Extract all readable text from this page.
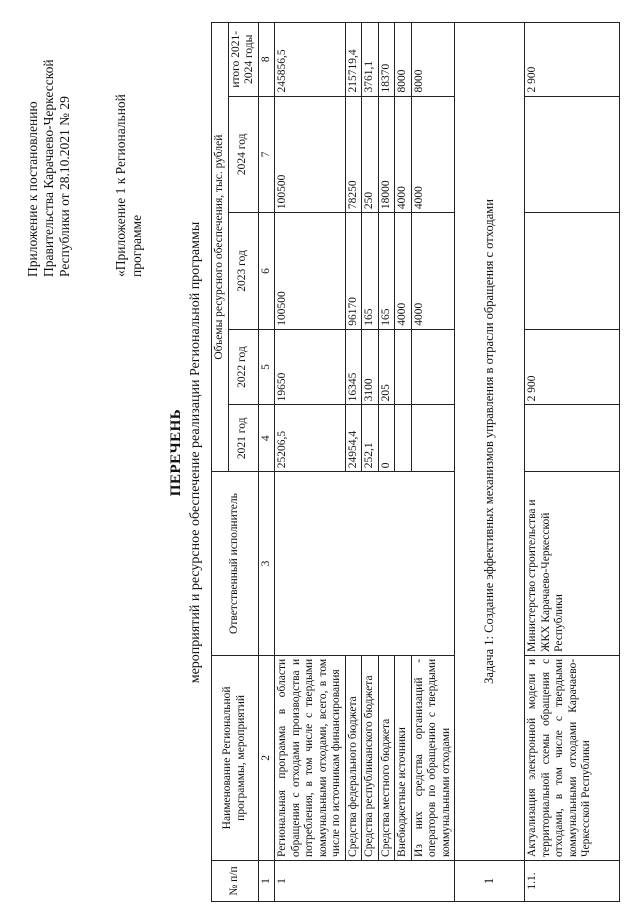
Приложение к постановлению Правительства Карачаево-Черкесской Республики от 28.10.2021 № 29	«Приложение 1 к Региональной программе
ПЕРЕЧЕНЬ мероприятий и ресурсное обеспечение реализации Региональной программы
№ п/п	Наименование Региональной программы, мероприятий	Ответственный исполнитель	Объемы ресурсного обеспечения, тыс. рублей				
			2021 год	2022 год	2023 год	2024 год	итого 2021-2024 годы
1	2	3	4	5	6	7	8
1	Региональная программа в области обращения с отходами производства и потребления, в том числе с твердыми коммунальными отходами, всего, в том числе по источникам финансирования		25206,5	19650	100500	100500	245856,5
	Средства федерального бюджета		24954,4	16345	96170	78250	215719,4
	Средства республиканского бюджета		252,1	3100	165	250	3761,1
	Средства местного бюджета		0	205	165	18000	18370
	Внебюджетные источники				4000	4000	8000
	Из них средства организаций - операторов по обращению с твердыми коммунальными отходами				4000	4000	8000
1	Задача 1: Создание эффективных механизмов управления в отрасли обращения с отходами						
1.1.	Актуализация электронной модели и территориальной схемы обращения с отходами, в том числе с твердыми коммунальными отходами Карачаево-Черкесской Республики	Министерство строительства и ЖКХ Карачаево-Черкесской Республики		2 900			2 900
